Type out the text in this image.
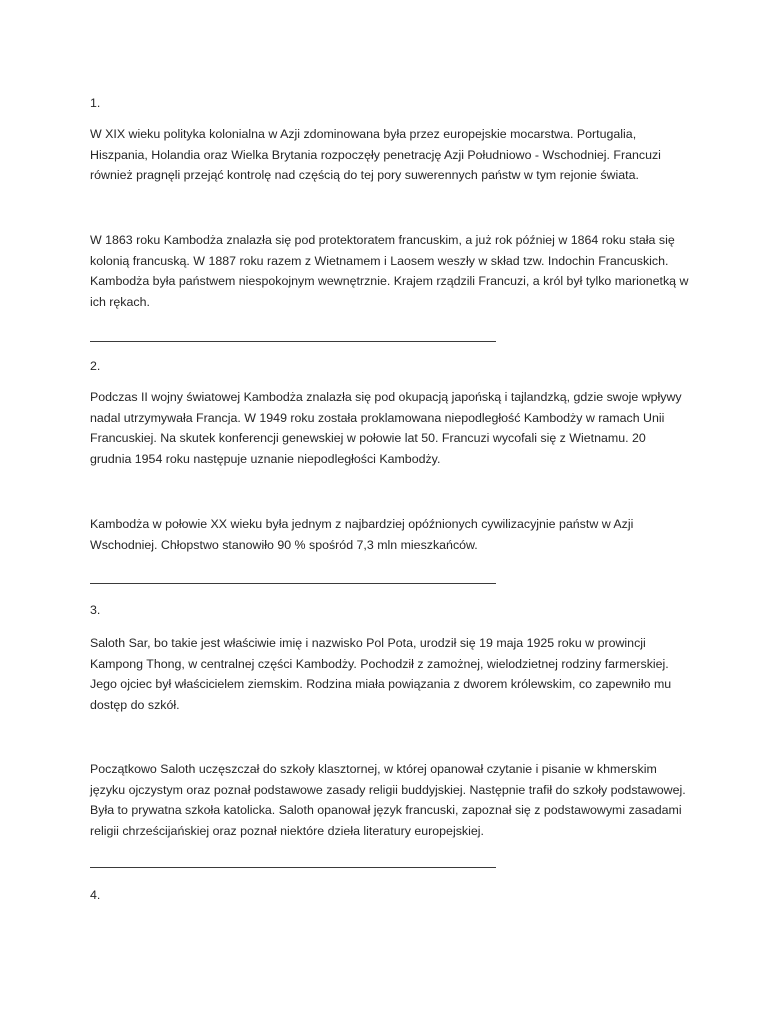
1.

W XIX wieku polityka kolonialna w Azji zdominowana była przez europejskie mocarstwa. Portugalia, Hiszpania, Holandia oraz Wielka Brytania rozpoczęły penetrację Azji Południowo - Wschodniej. Francuzi również pragnęli przejąć kontrolę nad częścią do tej pory suwerennych państw w tym rejonie świata.

W 1863 roku Kambodża znalazła się pod protektoratem francuskim, a już rok później w 1864 roku stała się kolonią francuską. W 1887 roku razem z Wietnamem i Laosem weszły w skład tzw. Indochin Francuskich. Kambodża była państwem niespokojnym wewnętrznie. Krajem rządzili Francuzi, a król był tylko marionetką w ich rękach.

2.

Podczas II wojny światowej Kambodża znalazła się pod okupacją japońską i tajlandzką, gdzie swoje wpływy nadal utrzymywała Francja. W 1949 roku została proklamowana niepodległość Kambodży w ramach Unii Francuskiej. Na skutek konferencji genewskiej w połowie lat 50. Francuzi wycofali się z Wietnamu. 20 grudnia 1954 roku następuje uznanie niepodległości Kambodży.

Kambodża w połowie XX wieku była jednym z najbardziej opóźnionych cywilizacyjnie państw w Azji Wschodniej. Chłopstwo stanowiło 90 % spośród 7,3 mln mieszkańców.

3.

Saloth Sar, bo takie jest właściwie imię i nazwisko Pol Pota, urodził się 19 maja 1925 roku w prowincji Kampong Thong, w centralnej części Kambodży. Pochodził z zamożnej, wielodzietnej rodziny farmerskiej. Jego ojciec był właścicielem ziemskim. Rodzina miała powiązania z dworem królewskim, co zapewniło mu dostęp do szkół.

Początkowo Saloth uczęszczał do szkoły klasztornej, w której opanował czytanie i pisanie w khmerskim języku ojczystym oraz poznał podstawowe zasady religii buddyjskiej. Następnie trafił do szkoły podstawowej. Była to prywatna szkoła katolicka. Saloth opanował język francuski, zapoznał się z podstawowymi zasadami religii chrześcijańskiej oraz poznał niektóre dzieła literatury europejskiej.

4.
